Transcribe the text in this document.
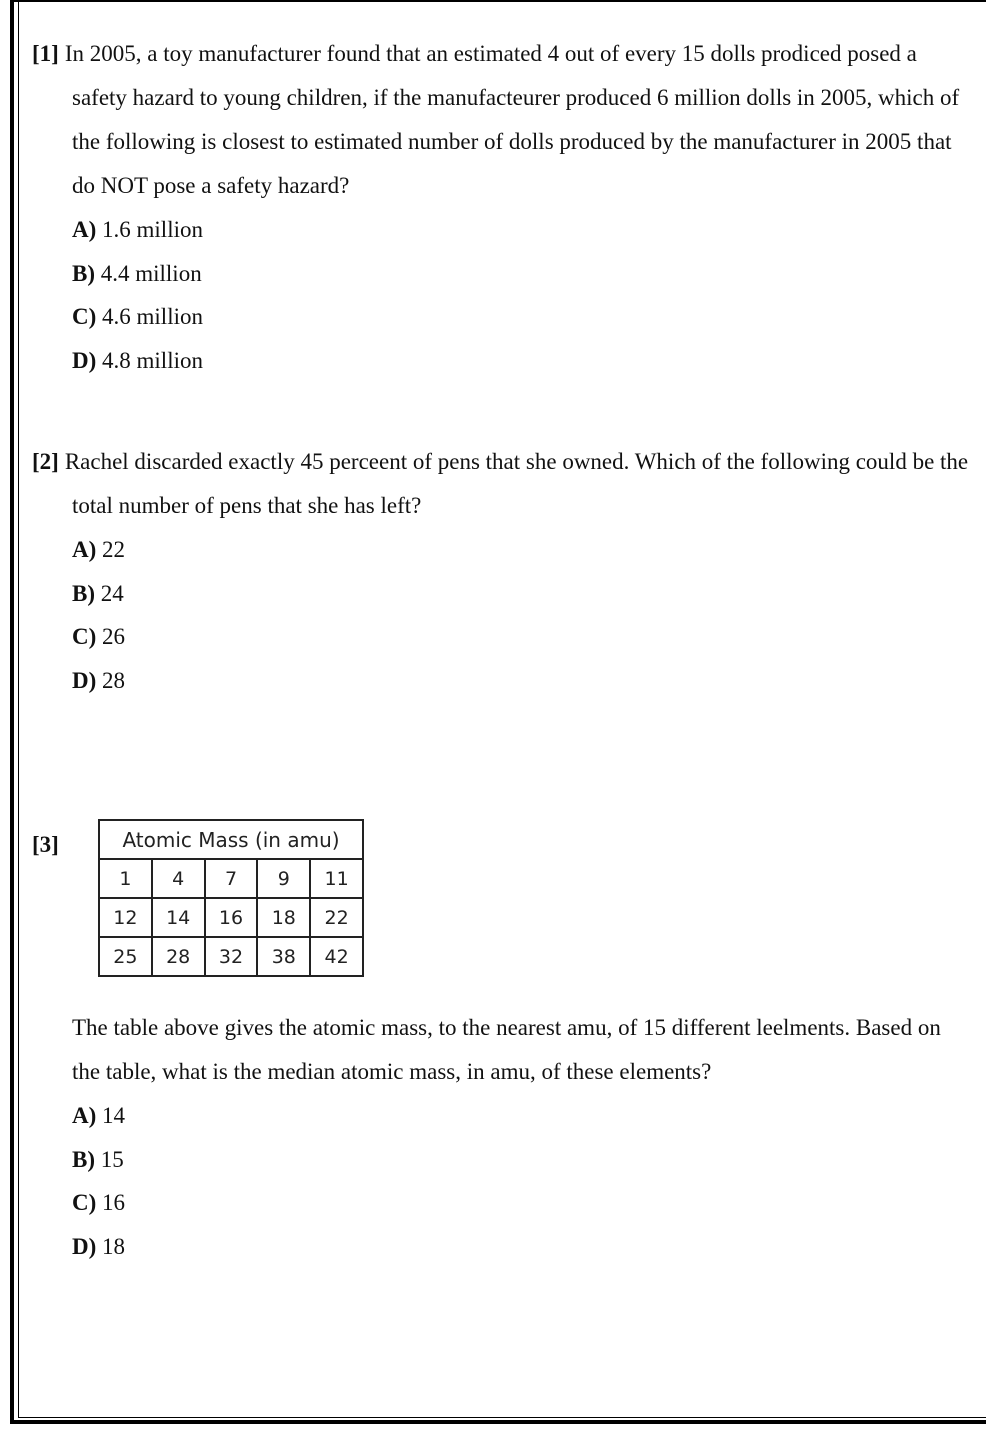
[1] In 2005, a toy manufacturer found that an estimated 4 out of every 15 dolls prodiced posed a safety hazard to young children, if the manufacteurer produced 6 million dolls in 2005, which of the following is closest to estimated number of dolls produced by the manufacturer in 2005 that do NOT pose a safety hazard?

A) 1.6 million
B) 4.4 million
C) 4.6 million
D) 4.8 million

[2] Rachel discarded exactly 45 perceent of pens that she owned. Which of the following could be the total number of pens that she has left?

A) 22
B) 24
C) 26
D) 28
[3]	Atomic Mass (in amu)				
1	4	7	9	11
12	14	16	18	22
25	28	32	38	42

The table above gives the atomic mass, to the nearest amu, of 15 different leelments. Based on the table, what is the median atomic mass, in amu, of these elements?

A) 14
B) 15
C) 16
D) 18
